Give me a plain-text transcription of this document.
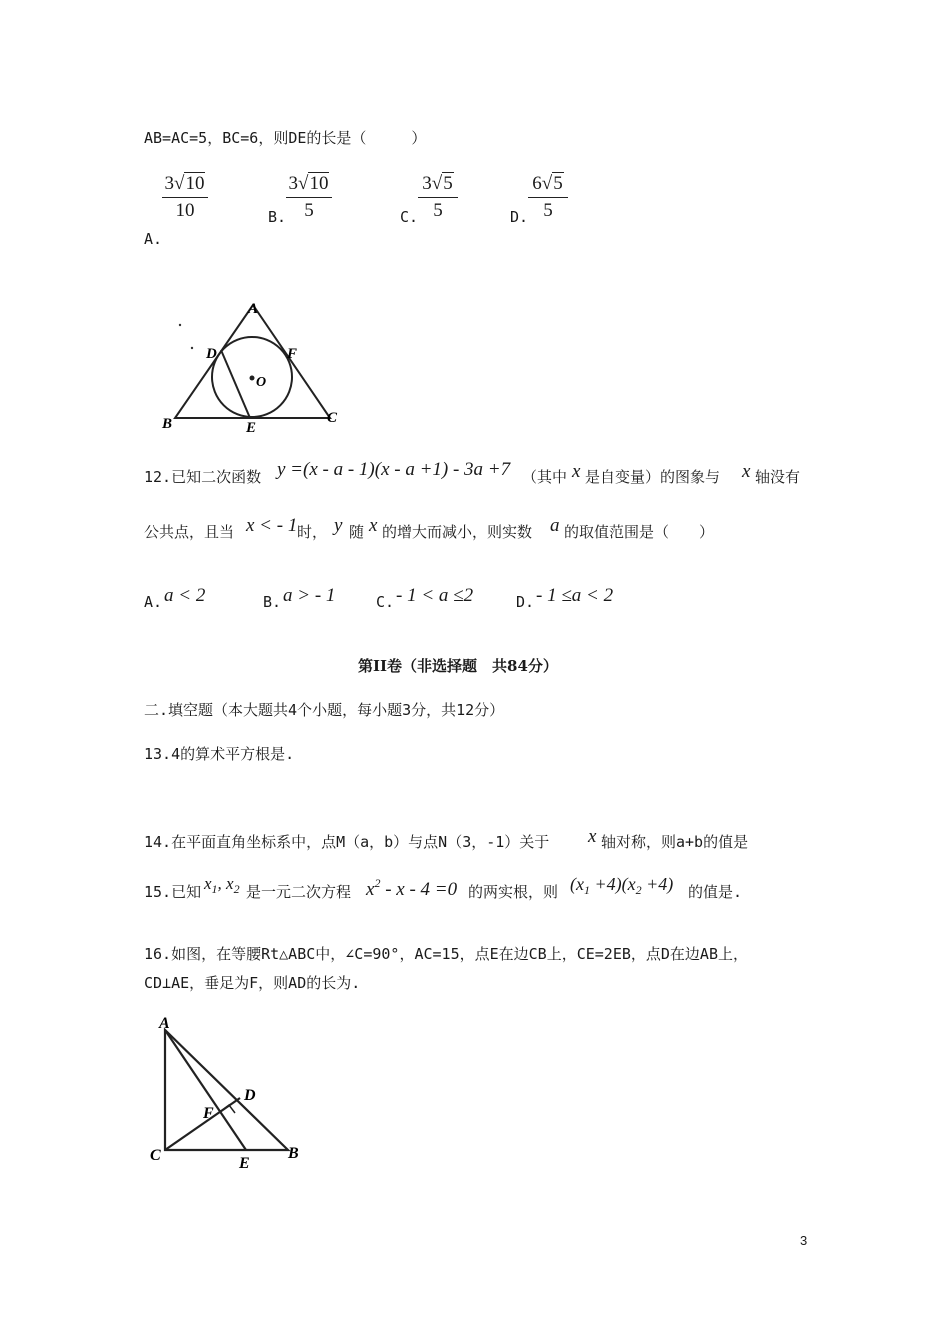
AB=AC=5，BC=6，则DE的长是（　　　）
3√10
10
A.
B.
3√10
5	C.
3√5
5	D.
6√5
5
A
D	F
O
B	E
C
12.已知二次函数 y =(x - a - 1)(x - a +1) - 3a +7 （其中 x 是自变量）的图象与 x 轴没有
公共点，且当 x < - 1 时， y 随 x 的增大而减小，则实数 a 的取值范围是（　　）
A. a < 2	B. a > - 1	C. - 1 < a ≤2	D. - 1 ≤a < 2
第II卷（非选择题　共84分）
二.填空题（本大题共4个小题，每小题3分，共12分）
13.4的算术平方根是.
14.在平面直角坐标系中，点M（a，b）与点N（3，-1）关于 x 轴对称，则a+b的值是
15.已知 $x_1$, $x_2$ 是一元二次方程 $x^2 - x - 4 =0$ 的两实根，则 $(x_1 +4)(x_2 +4)$ 的值是.
16.如图，在等腰Rt△ABC中，∠C=90°，AC=15，点E在边CB上，CE=2EB，点D在边AB上，
CD⊥AE，垂足为F，则AD的长为.
A
D
F
C	E
B
3
